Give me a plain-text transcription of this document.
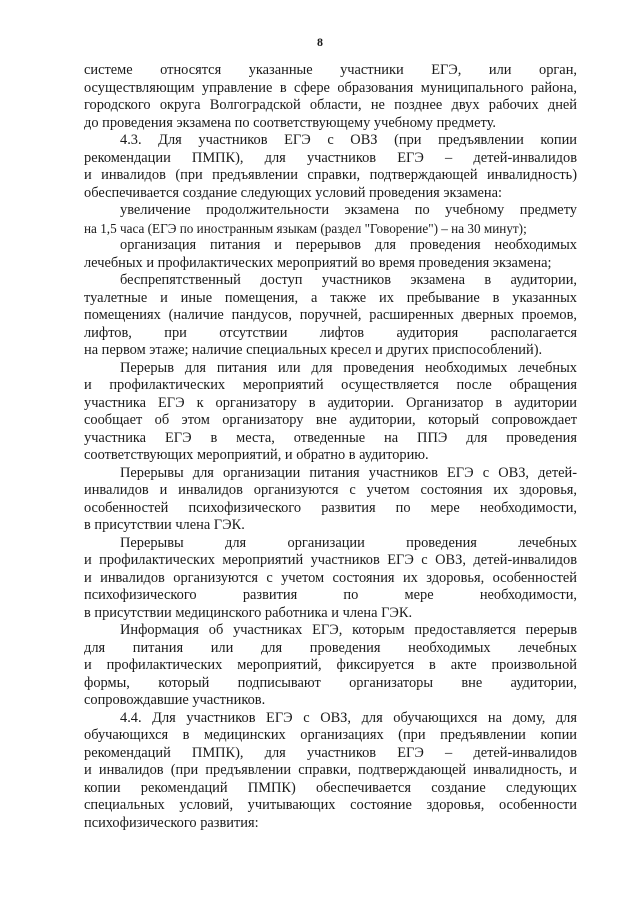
8
системе относятся указанные участники ЕГЭ, или орган,
осуществляющим управление в сфере образования муниципального района,
городского округа Волгоградской области, не позднее двух рабочих дней
до проведения экзамена по соответствующему учебному предмету.
4.3. Для участников ЕГЭ с ОВЗ (при предъявлении копии
рекомендации ПМПК), для участников ЕГЭ – детей-инвалидов
и инвалидов (при предъявлении справки, подтверждающей инвалидность)
обеспечивается создание следующих условий проведения экзамена:
увеличение продолжительности экзамена по учебному предмету
на 1,5 часа (ЕГЭ по иностранным языкам (раздел "Говорение") – на 30 минут);
организация питания и перерывов для проведения необходимых
лечебных и профилактических мероприятий во время проведения экзамена;
беспрепятственный доступ участников экзамена в аудитории,
туалетные и иные помещения, а также их пребывание в указанных
помещениях (наличие пандусов, поручней, расширенных дверных проемов,
лифтов, при отсутствии лифтов аудитория располагается
на первом этаже; наличие специальных кресел и других приспособлений).
Перерыв для питания или для проведения необходимых лечебных
и профилактических мероприятий осуществляется после обращения
участника ЕГЭ к организатору в аудитории. Организатор в аудитории
сообщает об этом организатору вне аудитории, который сопровождает
участника ЕГЭ в места, отведенные на ППЭ для проведения
соответствующих мероприятий, и обратно в аудиторию.
Перерывы для организации питания участников ЕГЭ с ОВЗ, детей-
инвалидов и инвалидов организуются с учетом состояния их здоровья,
особенностей психофизического развития по мере необходимости,
в присутствии члена ГЭК.
Перерывы для организации проведения лечебных
и профилактических мероприятий участников ЕГЭ с ОВЗ, детей-инвалидов
и инвалидов организуются с учетом состояния их здоровья, особенностей
психофизического развития по мере необходимости,
в присутствии медицинского работника и члена ГЭК.
Информация об участниках ЕГЭ, которым предоставляется перерыв
для питания или для проведения необходимых лечебных
и профилактических мероприятий, фиксируется в акте произвольной
формы, который подписывают организаторы вне аудитории,
сопровождавшие участников.
4.4. Для участников ЕГЭ с ОВЗ, для обучающихся на дому, для
обучающихся в медицинских организациях (при предъявлении копии
рекомендаций ПМПК), для участников ЕГЭ – детей-инвалидов
и инвалидов (при предъявлении справки, подтверждающей инвалидность, и
копии рекомендаций ПМПК) обеспечивается создание следующих
специальных условий, учитывающих состояние здоровья, особенности
психофизического развития:
